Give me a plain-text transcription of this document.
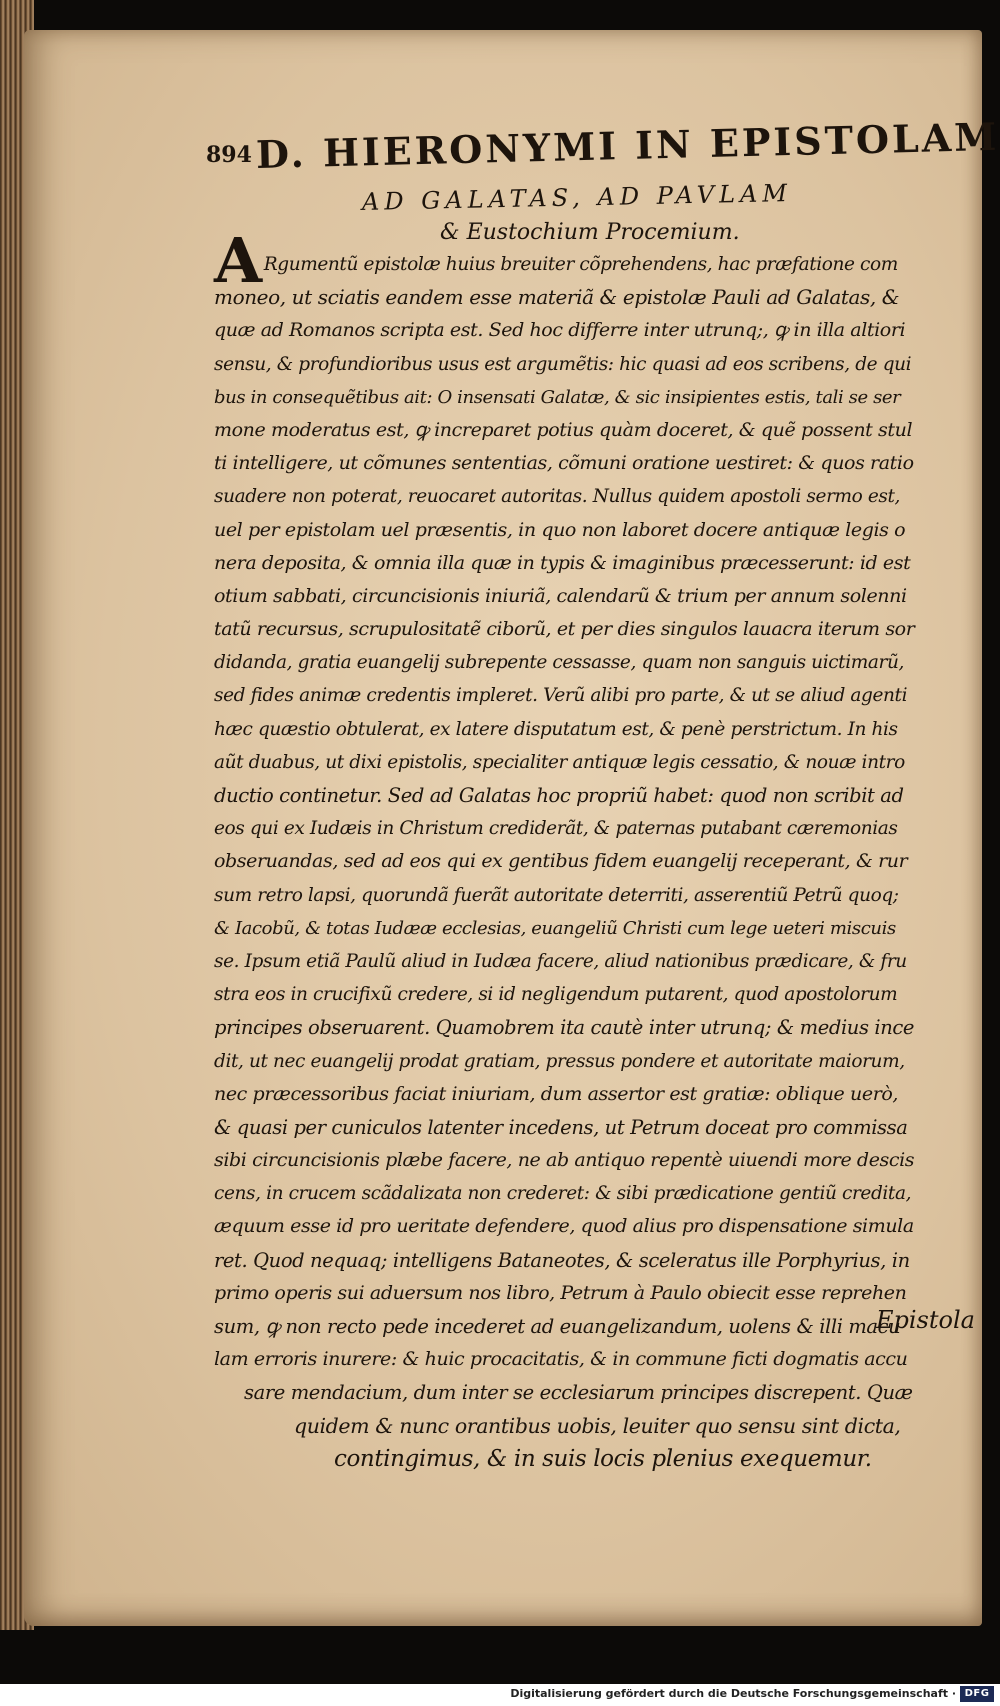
894 D. HIERONYMI IN EPISTOLAM
AD GALATAS, AD PAVLAM
& Eustochium Procemium.
A Rgumentũ epistolæ huius breuiter cõprehendens, hac præfatione com
moneo, ut sciatis eandem esse materiã & epistolæ Pauli ad Galatas, &
quæ ad Romanos scripta est. Sed hoc differre inter utrunq;, ꝙ in illa altiori
sensu, & profundioribus usus est argumẽtis: hic quasi ad eos scribens, de qui
bus in consequẽtibus ait: O insensati Galatæ, & sic insipientes estis, tali se ser
mone moderatus est, ꝙ increparet potius quàm doceret, & quẽ possent stul
ti intelligere, ut cõmunes sententias, cõmuni oratione uestiret: & quos ratio
suadere non poterat, reuocaret autoritas. Nullus quidem apostoli sermo est,
uel per epistolam uel præsentis, in quo non laboret docere antiquæ legis o
nera deposita, & omnia illa quæ in typis & imaginibus præcesserunt: id est
otium sabbati, circuncisionis iniuriã, calendarũ & trium per annum solenni
tatũ recursus, scrupulositatẽ ciborũ, et per dies singulos lauacra iterum sor
didanda, gratia euangelij subrepente cessasse, quam non sanguis uictimarũ,
sed fides animæ credentis impleret. Verũ alibi pro parte, & ut se aliud agenti
hæc quæstio obtulerat, ex latere disputatum est, & penè perstrictum. In his
aũt duabus, ut dixi epistolis, specialiter antiquæ legis cessatio, & nouæ intro
ductio continetur. Sed ad Galatas hoc propriũ habet: quod non scribit ad
eos qui ex Iudæis in Christum crediderãt, & paternas putabant cæremonias
obseruandas, sed ad eos qui ex gentibus fidem euangelij receperant, & rur
sum retro lapsi, quorundã fuerãt autoritate deterriti, asserentiũ Petrũ quoq;
& Iacobũ, & totas Iudææ ecclesias, euangeliũ Christi cum lege ueteri miscuis
se. Ipsum etiã Paulũ aliud in Iudæa facere, aliud nationibus prædicare, & fru
stra eos in crucifixũ credere, si id negligendum putarent, quod apostolorum
principes obseruarent. Quamobrem ita cautè inter utrunq; & medius ince
dit, ut nec euangelij prodat gratiam, pressus pondere et autoritate maiorum,
nec præcessoribus faciat iniuriam, dum assertor est gratiæ: oblique uerò,
& quasi per cuniculos latenter incedens, ut Petrum doceat pro commissa
sibi circuncisionis plæbe facere, ne ab antiquo repentè uiuendi more descis
cens, in crucem scãdalizata non crederet: & sibi prædicatione gentiũ credita,
æquum esse id pro ueritate defendere, quod alius pro dispensatione simula
ret. Quod nequaq; intelligens Bataneotes, & sceleratus ille Porphyrius, in
primo operis sui aduersum nos libro, Petrum à Paulo obiecit esse reprehen
sum, ꝙ non recto pede incederet ad euangelizandum, uolens & illi macu
lam erroris inurere: & huic procacitatis, & in commune ficti dogmatis accu
sare mendacium, dum inter se ecclesiarum principes discrepent. Quæ
quidem & nunc orantibus uobis, leuiter quo sensu sint dicta,
contingimus, & in suis locis plenius exequemur.
Epistola
Digitalisierung gefördert durch die Deutsche Forschungsgemeinschaft · DFG
